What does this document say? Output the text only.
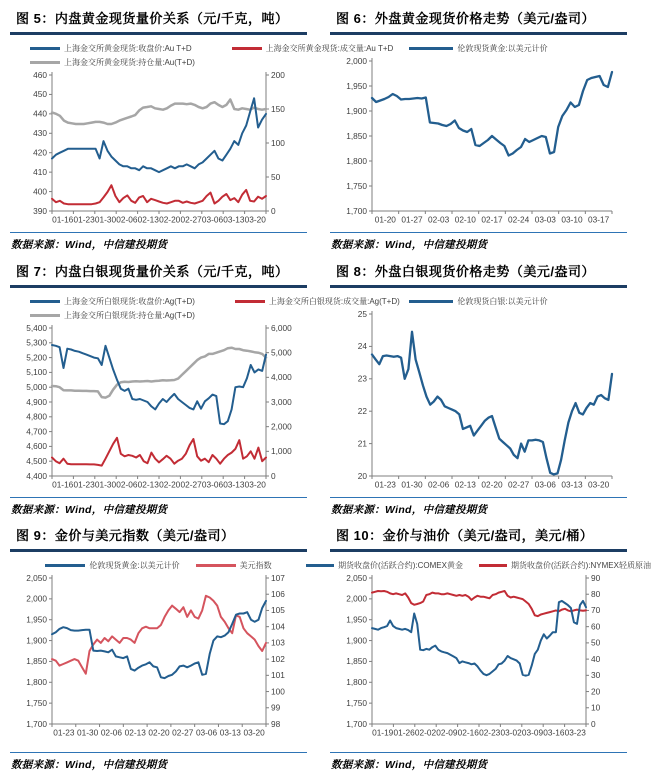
图 5：内盘黄金现货量价关系（元/千克，吨）
上海金交所黄金现货:收盘价:Au T+D	上海金交所黄金现货:成交量:Au T+D
上海金交所黄金现货:持仓量:Au(T+D)
390
400
410
420
430
440
450
460
0
50
100
150
200
01-16 01-23 01-30 02-06 02-13 02-20 02-27 03-06 03-13 03-20

数据来源：Wind，中信建投期货

图 6：外盘黄金现货价格走势（美元/盎司）
伦敦现货黄金:以美元计价
1,700
1,750
1,800
1,850
1,900
1,950
2,000
01-20 01-27 02-03 02-10 02-17 02-24 03-03 03-10 03-17

数据来源：Wind，中信建投期货

图 7：内盘白银现货量价关系（元/千克，吨）
上海金交所白银现货:收盘价:Ag(T+D)	上海金交所白银现货:成交量:Ag(T+D)
上海金交所白银现货:持仓量:Ag(T+D)
4,400
4,500
4,600
4,700
4,800
4,900
5,000
5,100
5,200
5,300
5,400
0
1,000
2,000
3,000
4,000
5,000
6,000
01-16 01-23 01-30 02-06 02-13 02-20 02-27 03-06 03-13 03-20

数据来源：Wind，中信建投期货

图 8：外盘白银现货价格走势（美元/盎司）
伦敦现货白银:以美元计价
20
21
22
23
24
25
01-23 01-30 02-06 02-13 02-20 02-27 03-06 03-13 03-20

数据来源：Wind，中信建投期货

图 9：金价与美元指数（美元/盎司）
伦敦现货黄金:以美元计价	美元指数
1,700
1,750
1,800
1,850
1,900
1,950
2,000
2,050
98
99
100
101
102
103
104
105
106
107
01-23 01-30 02-06 02-13 02-20 02-27 03-06 03-13 03-20

数据来源：Wind，中信建投期货

图 10：金价与油价（美元/盎司，美元/桶）
期货收盘价(活跃合约):COMEX黄金	期货收盘价(活跃合约):NYMEX轻质原油
1,700
1,750
1,800
1,850
1,900
1,950
2,000
2,050
0
10
20
30
40
50
60
70
80
90
01-19 01-26 02-02 02-09 02-16 02-23 03-02 03-09 03-16 03-23

数据来源：Wind，中信建投期货
